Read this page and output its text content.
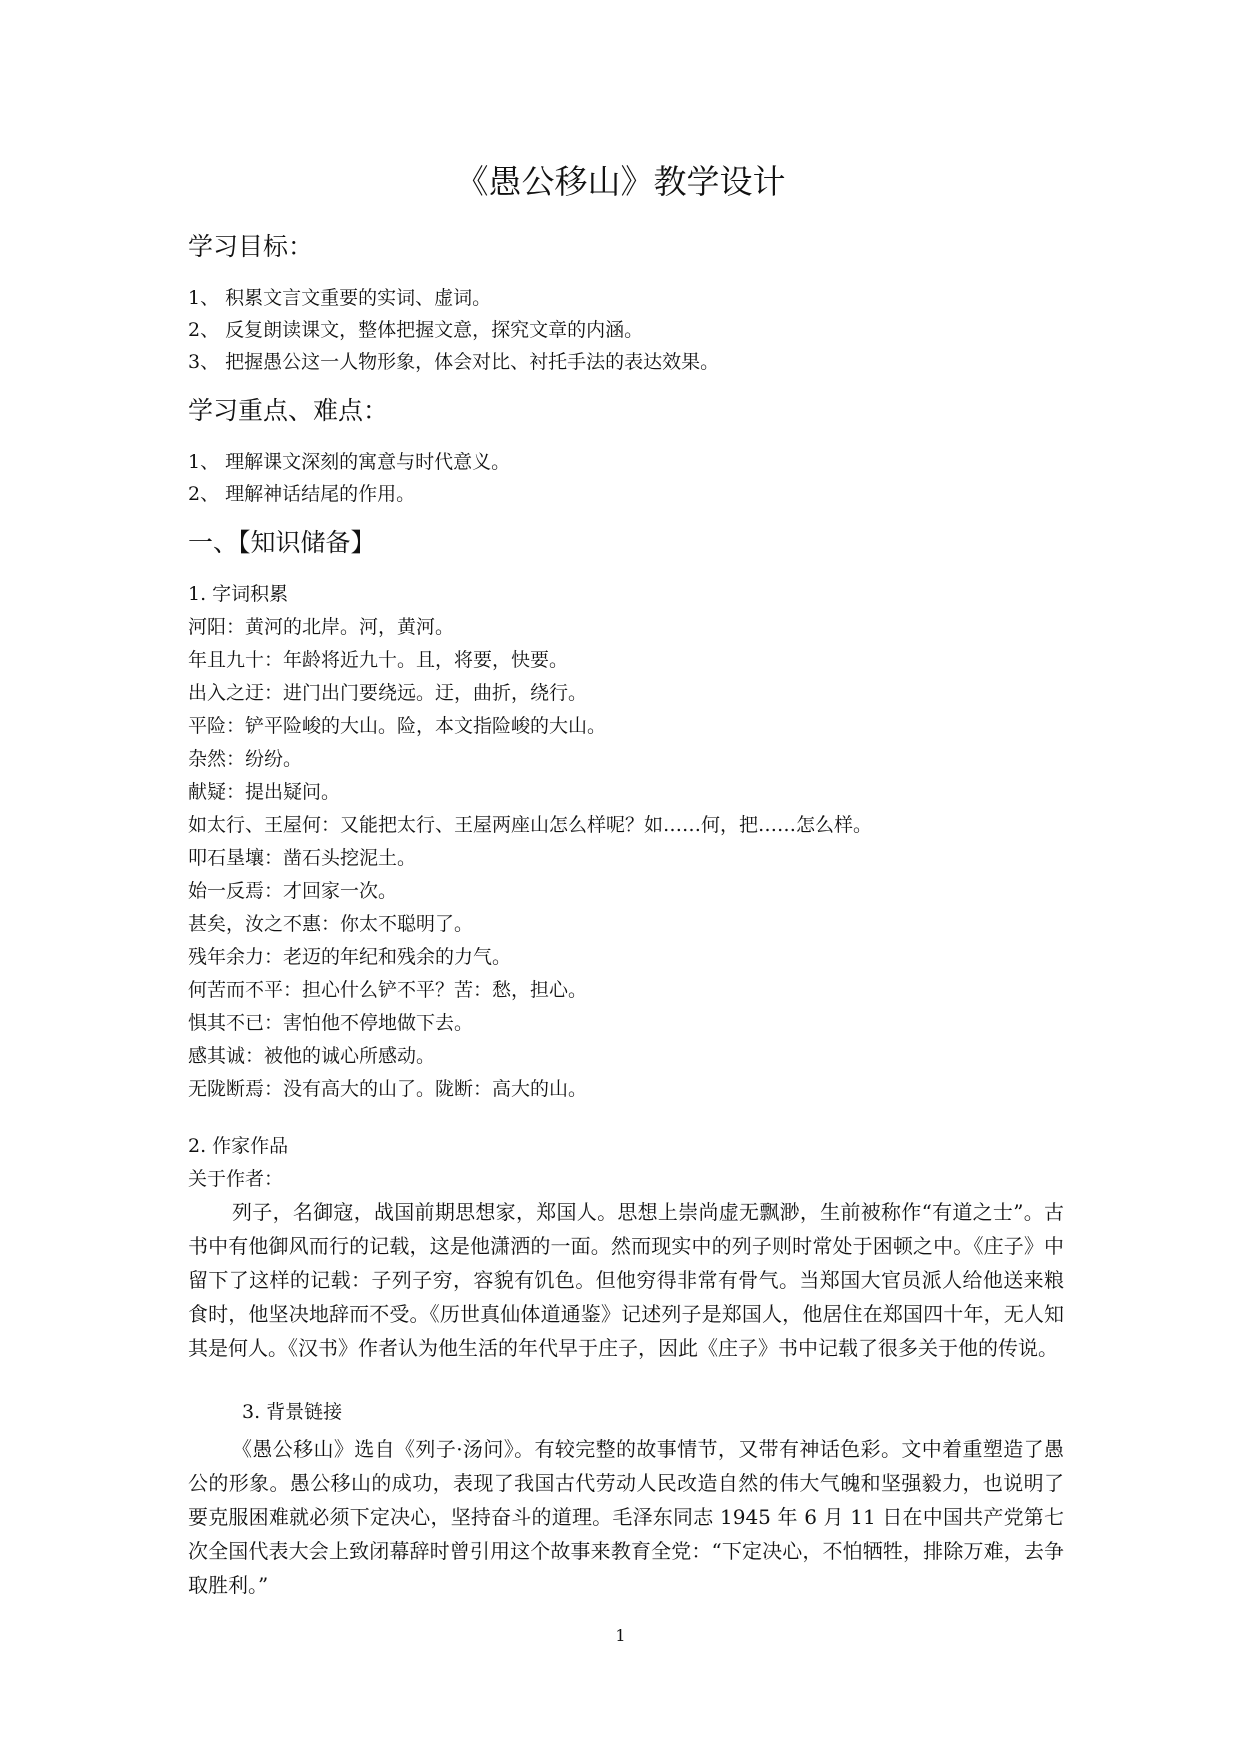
《愚公移山》教学设计
学习目标：
1、 积累文言文重要的实词、虚词。
2、 反复朗读课文，整体把握文意，探究文章的内涵。
3、 把握愚公这一人物形象，体会对比、衬托手法的表达效果。
学习重点、难点：
1、 理解课文深刻的寓意与时代意义。
2、 理解神话结尾的作用。
一、【知识储备】
1. 字词积累
河阳：黄河的北岸。河，黄河。
年且九十：年龄将近九十。且，将要，快要。
出入之迂：进门出门要绕远。迂，曲折，绕行。
平险：铲平险峻的大山。险，本文指险峻的大山。
杂然：纷纷。
献疑：提出疑问。
如太行、王屋何：又能把太行、王屋两座山怎么样呢？如……何，把……怎么样。
叩石垦壤：凿石头挖泥土。
始一反焉：才回家一次。
甚矣，汝之不惠：你太不聪明了。
残年余力：老迈的年纪和残余的力气。
何苦而不平：担心什么铲不平？苦：愁，担心。
惧其不已：害怕他不停地做下去。
感其诚：被他的诚心所感动。
无陇断焉：没有高大的山了。陇断：高大的山。
2. 作家作品
关于作者：
列子，名御寇，战国前期思想家，郑国人。思想上崇尚虚无飘渺，生前被称作“有道之士”。古书中有他御风而行的记载，这是他潇洒的一面。然而现实中的列子则时常处于困顿之中。《庄子》中留下了这样的记载：子列子穷，容貌有饥色。但他穷得非常有骨气。当郑国大官员派人给他送来粮食时，他坚决地辞而不受。《历世真仙体道通鉴》记述列子是郑国人，他居住在郑国四十年，无人知其是何人。《汉书》作者认为他生活的年代早于庄子，因此《庄子》书中记载了很多关于他的传说。
3. 背景链接
《愚公移山》选自《列子·汤问》。有较完整的故事情节，又带有神话色彩。文中着重塑造了愚公的形象。愚公移山的成功，表现了我国古代劳动人民改造自然的伟大气魄和坚强毅力，也说明了要克服困难就必须下定决心，坚持奋斗的道理。毛泽东同志 1945 年 6 月 11 日在中国共产党第七次全国代表大会上致闭幕辞时曾引用这个故事来教育全党：“下定决心，不怕牺牲，排除万难，去争取胜利。”
1
